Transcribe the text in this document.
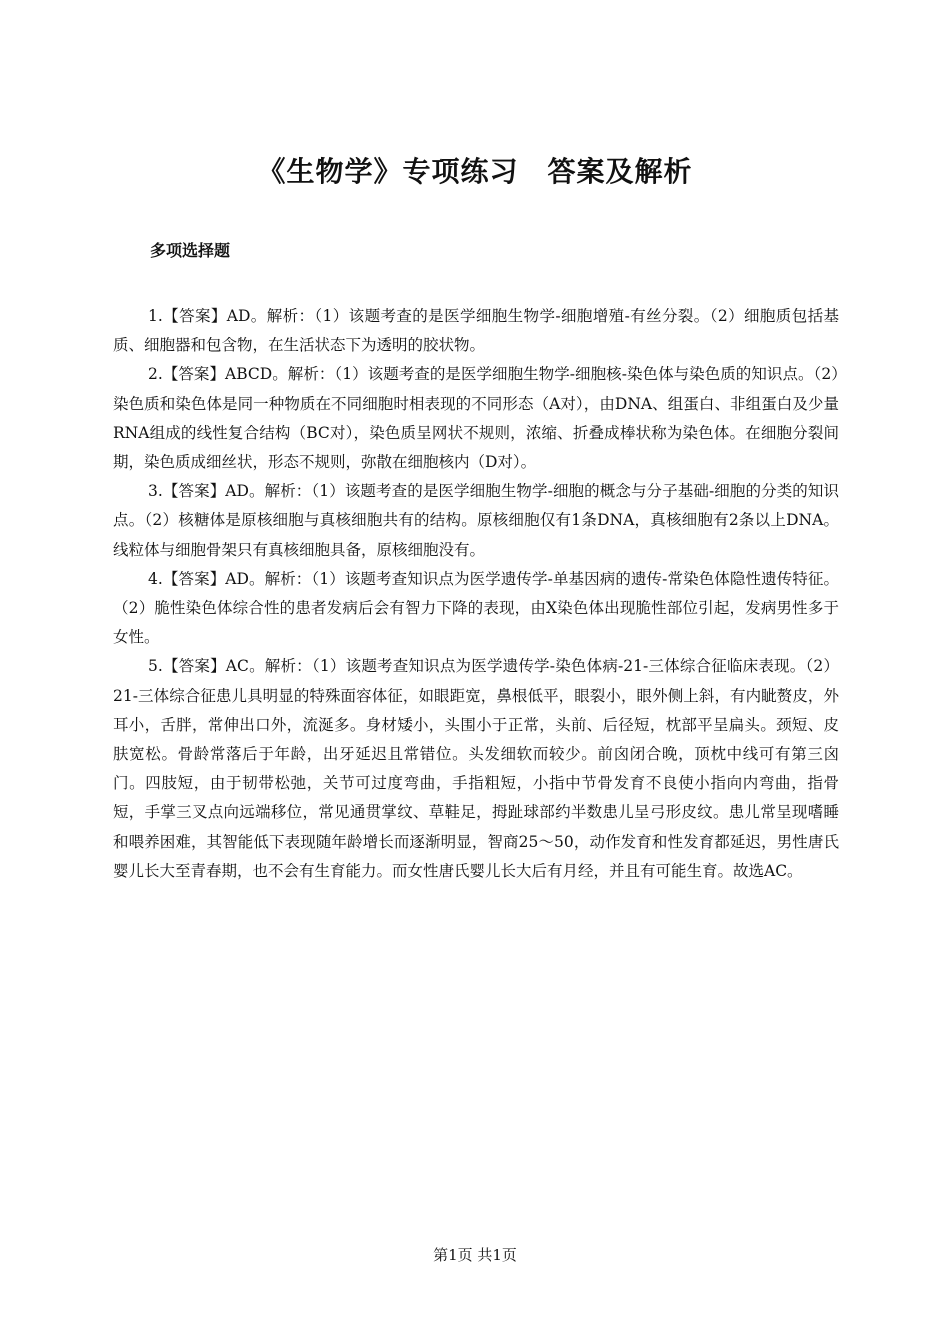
《生物学》专项练习　答案及解析
多项选择题
1.【答案】AD。解析：（1）该题考查的是医学细胞生物学-细胞增殖-有丝分裂。（2）细胞质包括基质、细胞器和包含物，在生活状态下为透明的胶状物。
2.【答案】ABCD。解析：（1）该题考查的是医学细胞生物学-细胞核-染色体与染色质的知识点。（2）染色质和染色体是同一种物质在不同细胞时相表现的不同形态（A对），由DNA、组蛋白、非组蛋白及少量RNA组成的线性复合结构（BC对），染色质呈网状不规则，浓缩、折叠成棒状称为染色体。在细胞分裂间期，染色质成细丝状，形态不规则，弥散在细胞核内（D对）。
3.【答案】AD。解析：（1）该题考查的是医学细胞生物学-细胞的概念与分子基础-细胞的分类的知识点。（2）核糖体是原核细胞与真核细胞共有的结构。原核细胞仅有1条DNA，真核细胞有2条以上DNA。线粒体与细胞骨架只有真核细胞具备，原核细胞没有。
4.【答案】AD。解析：（1）该题考查知识点为医学遗传学-单基因病的遗传-常染色体隐性遗传特征。（2）脆性染色体综合性的患者发病后会有智力下降的表现，由X染色体出现脆性部位引起，发病男性多于女性。
5.【答案】AC。解析：（1）该题考查知识点为医学遗传学-染色体病-21-三体综合征临床表现。（2）21-三体综合征患儿具明显的特殊面容体征，如眼距宽，鼻根低平，眼裂小，眼外侧上斜，有内眦赘皮，外耳小，舌胖，常伸出口外，流涎多。身材矮小，头围小于正常，头前、后径短，枕部平呈扁头。颈短、皮肤宽松。骨龄常落后于年龄，出牙延迟且常错位。头发细软而较少。前囟闭合晚，顶枕中线可有第三囟门。四肢短，由于韧带松弛，关节可过度弯曲，手指粗短，小指中节骨发育不良使小指向内弯曲，指骨短，手掌三叉点向远端移位，常见通贯掌纹、草鞋足，拇趾球部约半数患儿呈弓形皮纹。患儿常呈现嗜睡和喂养困难，其智能低下表现随年龄增长而逐渐明显，智商25～50，动作发育和性发育都延迟，男性唐氏婴儿长大至青春期，也不会有生育能力。而女性唐氏婴儿长大后有月经，并且有可能生育。故选AC。
第1页 共1页
